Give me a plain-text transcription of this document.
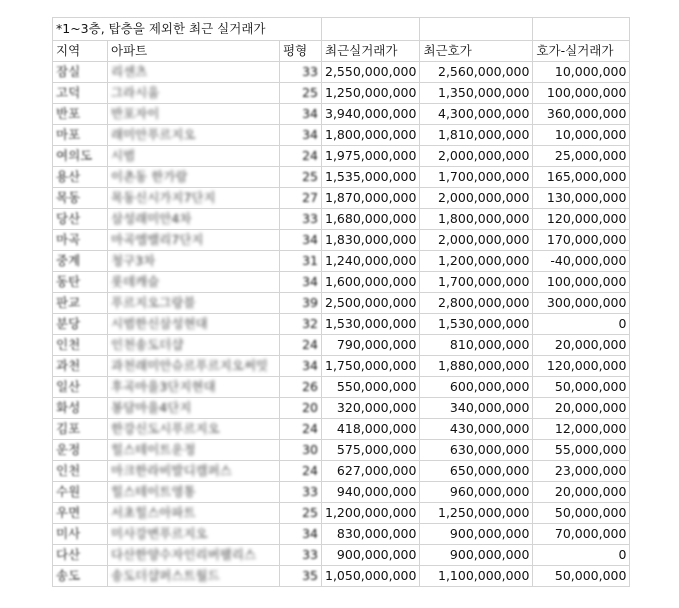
*1~3층, 탑층을 제외한 최근 실거래가					
지역	아파트	평형	최근실거래가	최근호가	호가-실거래가
잠실	리센츠	33	2,550,000,000	2,560,000,000	10,000,000
고덕	그라시움	25	1,250,000,000	1,350,000,000	100,000,000
반포	반포자이	34	3,940,000,000	4,300,000,000	360,000,000
마포	래미안푸르지오	34	1,800,000,000	1,810,000,000	10,000,000
여의도	시범	24	1,975,000,000	2,000,000,000	25,000,000
용산	이촌동 한가람	25	1,535,000,000	1,700,000,000	165,000,000
목동	목동신시가지7단지	27	1,870,000,000	2,000,000,000	130,000,000
당산	삼성래미안4차	33	1,680,000,000	1,800,000,000	120,000,000
마곡	마곡엠밸리7단지	34	1,830,000,000	2,000,000,000	170,000,000
중계	청구3차	31	1,240,000,000	1,200,000,000	-40,000,000
동탄	롯데캐슬	34	1,600,000,000	1,700,000,000	100,000,000
판교	푸르지오그랑블	39	2,500,000,000	2,800,000,000	300,000,000
분당	시범한신삼성현대	32	1,530,000,000	1,530,000,000	0
인천	인천송도더샵	24	790,000,000	810,000,000	20,000,000
과천	과천래미안슈르푸르지오써밋	34	1,750,000,000	1,880,000,000	120,000,000
일산	후곡마을3단지현대	26	550,000,000	600,000,000	50,000,000
화성	봉담마을4단지	20	320,000,000	340,000,000	20,000,000
김포	한강신도시푸르지오	24	418,000,000	430,000,000	12,000,000
운정	힐스테이트운정	30	575,000,000	630,000,000	55,000,000
인천	마크한라비발디캠퍼스	24	627,000,000	650,000,000	23,000,000
수원	힐스테이트영통	33	940,000,000	960,000,000	20,000,000
우면	서초힐스아파트	25	1,200,000,000	1,250,000,000	50,000,000
미사	미사강변푸르지오	34	830,000,000	900,000,000	70,000,000
다산	다산한양수자인리버팰리스	33	900,000,000	900,000,000	0
송도	송도더샵퍼스트월드	35	1,050,000,000	1,100,000,000	50,000,000
